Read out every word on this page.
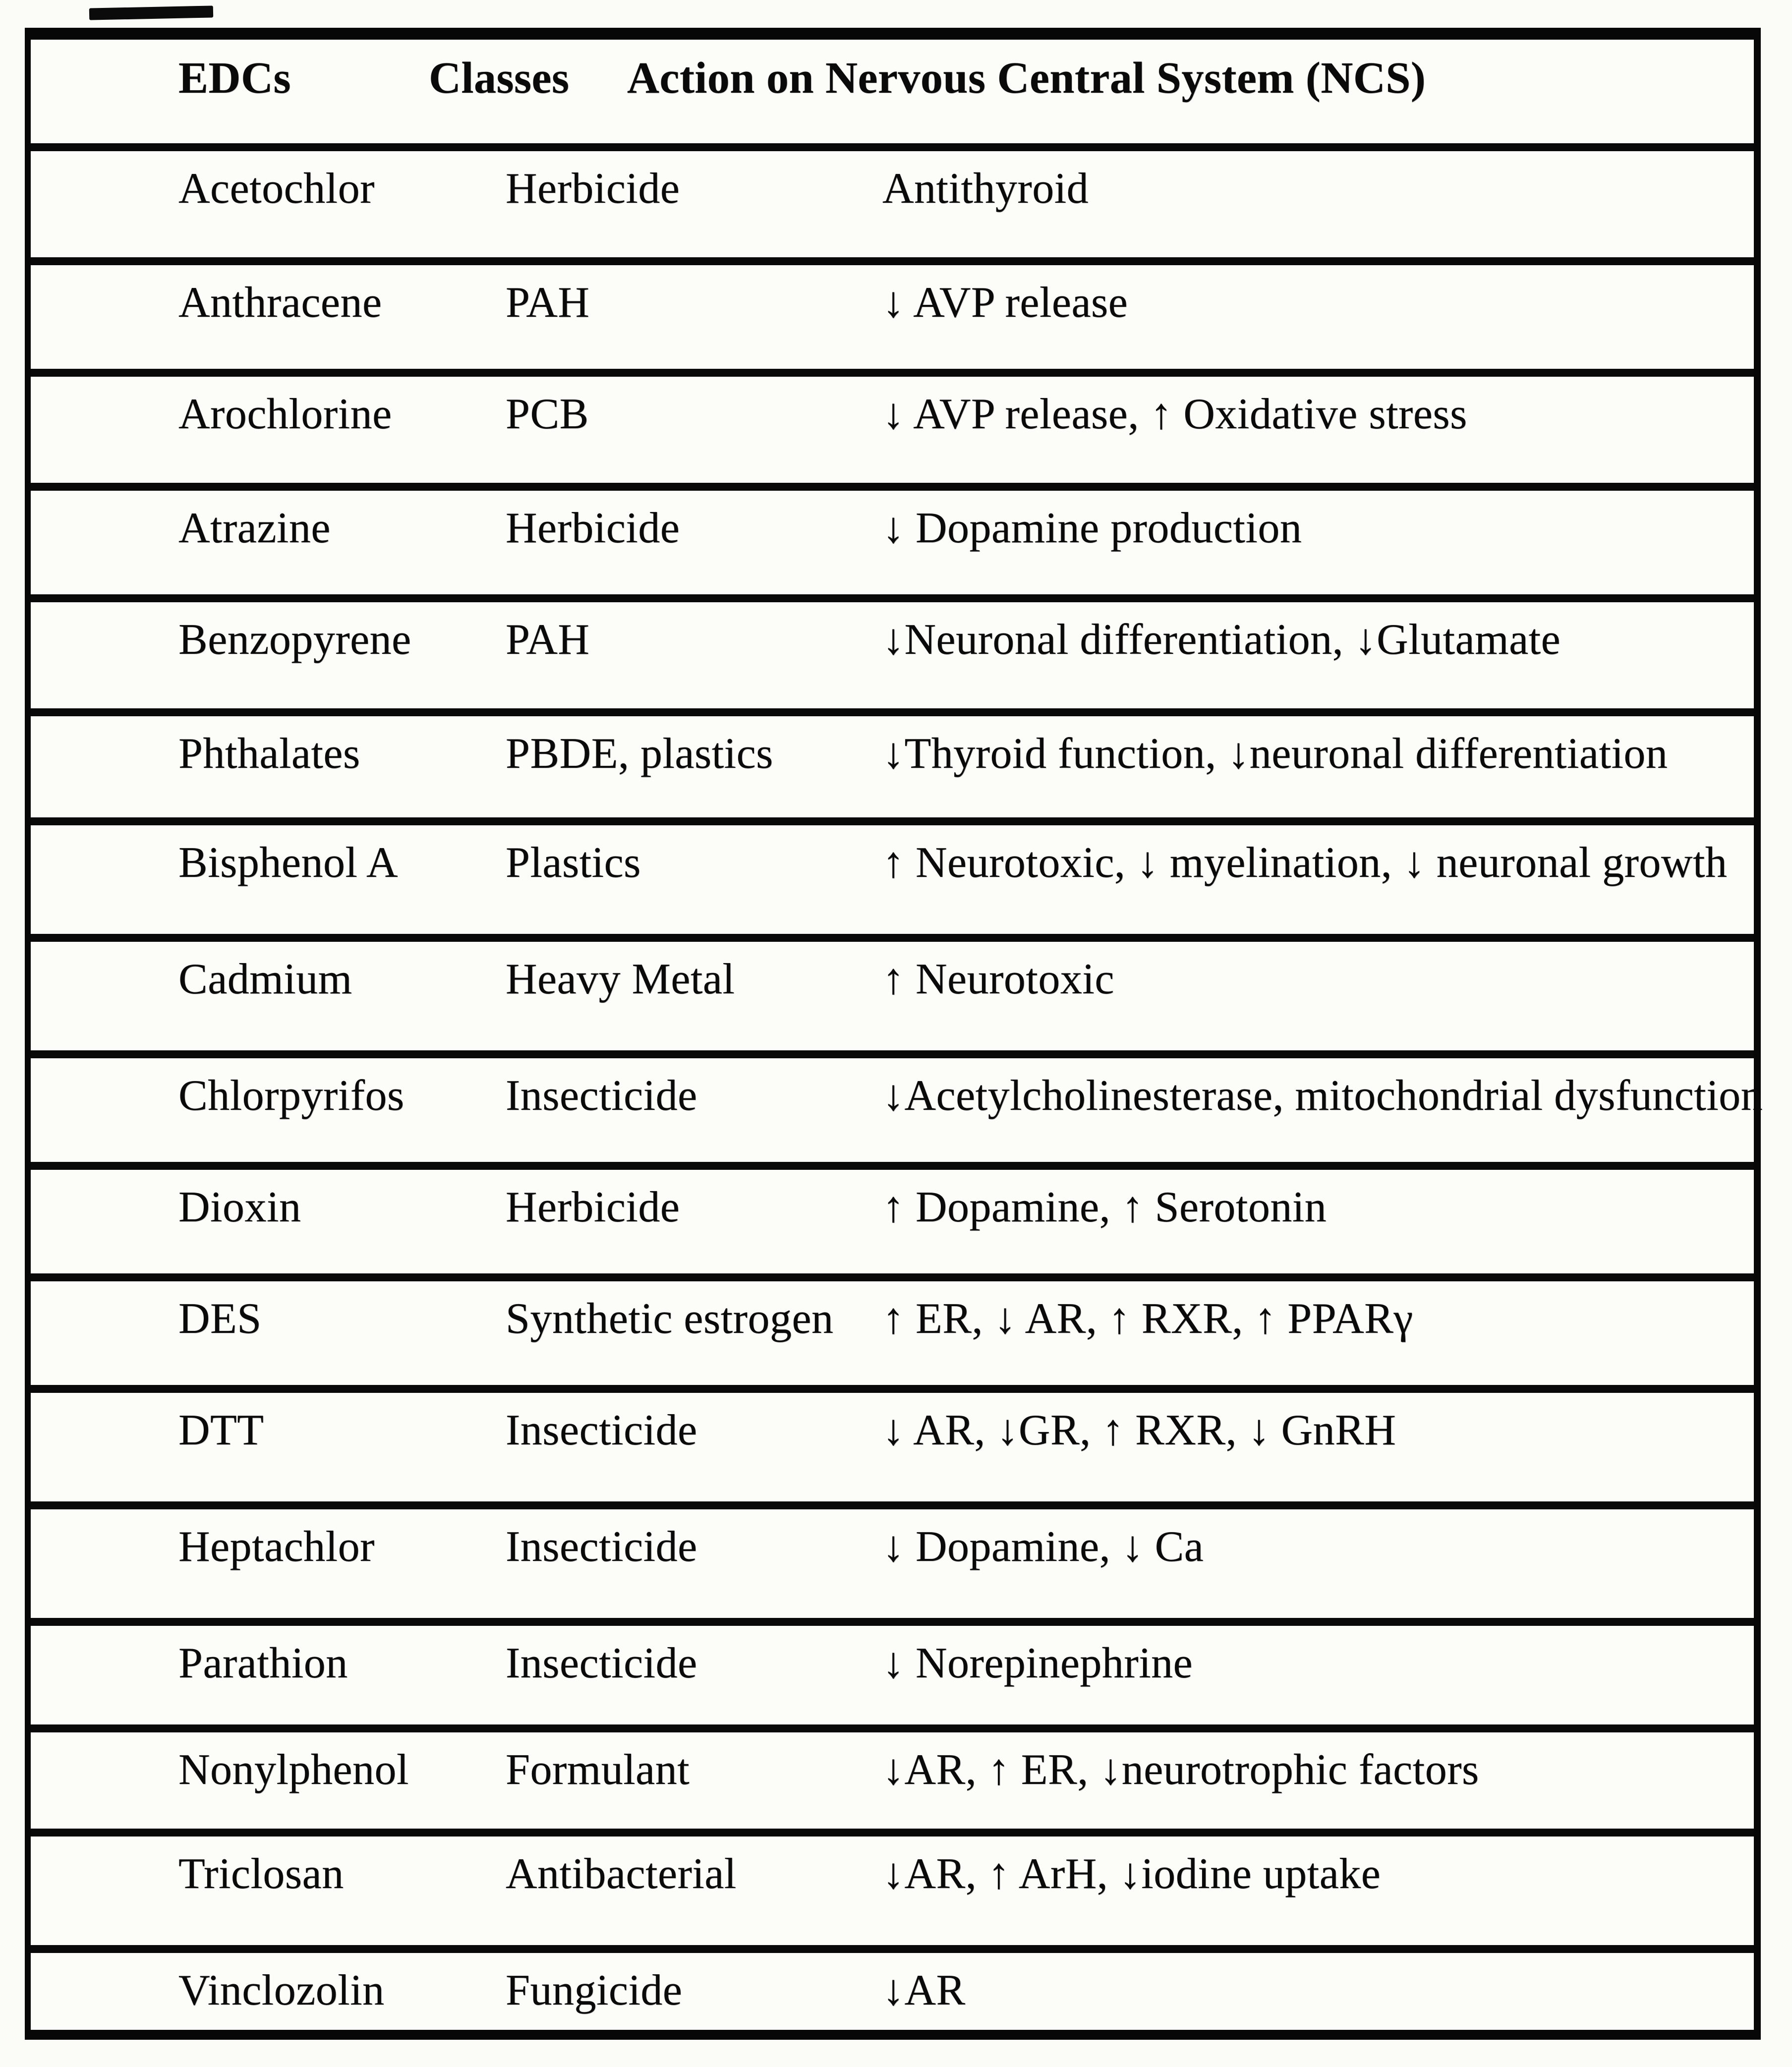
EDCs	Classes	Action on Nervous Central System (NCS)
Acetochlor	Herbicide	Antithyroid
Anthracene	PAH	↓ AVP release
Arochlorine	PCB	↓ AVP release, ↑ Oxidative stress
Atrazine	Herbicide	↓ Dopamine production
Benzopyrene	PAH	↓Neuronal differentiation, ↓Glutamate
Phthalates	PBDE, plastics	↓Thyroid function, ↓neuronal differentiation
Bisphenol A	Plastics	↑ Neurotoxic, ↓ myelination, ↓ neuronal growth
Cadmium	Heavy Metal	↑ Neurotoxic
Chlorpyrifos	Insecticide	↓Acetylcholinesterase, mitochondrial dysfunction
Dioxin	Herbicide	↑ Dopamine, ↑ Serotonin
DES	Synthetic estrogen	↑ ER, ↓ AR, ↑ RXR, ↑ PPARγ
DTT	Insecticide	↓ AR, ↓GR, ↑ RXR, ↓ GnRH
— – –
Heptachlor	Insecticide	↓ Dopamine, ↓ Ca
Parathion	Insecticide	↓ Norepinephrine
Nonylphenol	Formulant	↓AR, ↑ ER, ↓neurotrophic factors
Triclosan	Antibacterial	↓AR, ↑ ArH, ↓iodine uptake
Vinclozolin	Fungicide	↓AR
